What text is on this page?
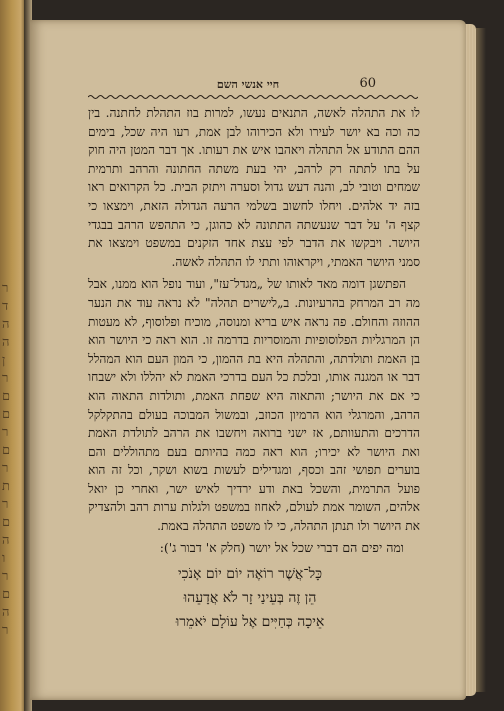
ר
ד
ה
ה
ן
ר
ם
ם
ר
ם
ר
ת
ר
ם
ה
ו
ר
ם
ה
ר
חיי אנשי השם	60

לו את התהלה לאשה, התנאים נעשו, למרות בוז התהלת לחתנה. בין כה וכה בא יושר לעירו ולא הכירוהו לבן אמת, רעו היה שכל, בימים ההם התודע אל התהלה ויאהבו איש את רעותו. אך דבר המטן היה חוק על בתו לתתה רק לרהב, יהי בעת משתה החתונה והרהב ותרמית שמחים וטובי לב, והנה דעש גדול וסערה ויתזק הבית. כל הקרואים ראו בזה יד אלהים. ויחלו לחשוב בשלמי הרעה הגדולה הזאת, וימצאו כי קצף ה' על דבר שנעשתה התתונה לא כהוגן, כי התהפש הרהב בבגדי היושר. ויבקשו את הדבר לפי עצת אחד הזקנים במשפט וימצאו את סמני היושר האמתי, ויקראוהו ותתי לו התהלה לאשה.

הפתשגן דומה מאד לאותו של „מגדל־עז", ועוד נופל הוא ממנו, אבל מה רב המרחק בהרעיונות. ב„לישרים תהלה" לא נראה עוד את הנער ההוזה והחולם. פה נראה איש בריא ומנוסה, מוכיח ופלוסוף, לא מעטות הן המרגליות הפלוסופיות והמוסריות בדרמה זו. הוא ראה כי היושר הוא בן האמת ותולדתה, והתהלה היא בת ההמון, כי המון העם הוא המהלל דבר או המגנה אותו, ובלכת כל העם בדרכי האמת לא יהללו ולא ישבחו כי אם את היושר; והתאוה היא שפחת האמת, ותולדות התאוה הוא הרהב, והמרגלי הוא הרמיון הכוזב, ובמשול המבוכה בעולם בהתקלקל הדרכים והתעוותם, אז ישני ברואה ויחשבו את הרהב לתולדת האמת ואת היושר לא יכירו; הוא ראה כמה בהיותם בעם מתהוללים והם בוערים תפושי זהב וכסף, ומגדילים לעשות בשוא ושקר, וכל זה הוא פועל התרמית, והשכל באת ודע ירדיך לאיש ישר, ואחרי כן יואל אלהים, השומר אמת לעולם, לאחוז במשפט ולגלות ערות רהב ולהצדיק את היושר ולו תנתן התהלה, כי לו משפט התהלה באמת.

ומה יפים הם דברי שכל אל יושר (חלק א' דבור ג'):
כָּל־אֲשֶׁר רוֹאֶה יוֹם יוֹם אָנֹכִי
הֵן זֶה בְּעֵינַי זָר לֹא אֲדָעֵהוּ
אֵיכָה כְּחַיִּים אֶל עוֹלָם יֹאמֵרוּ
